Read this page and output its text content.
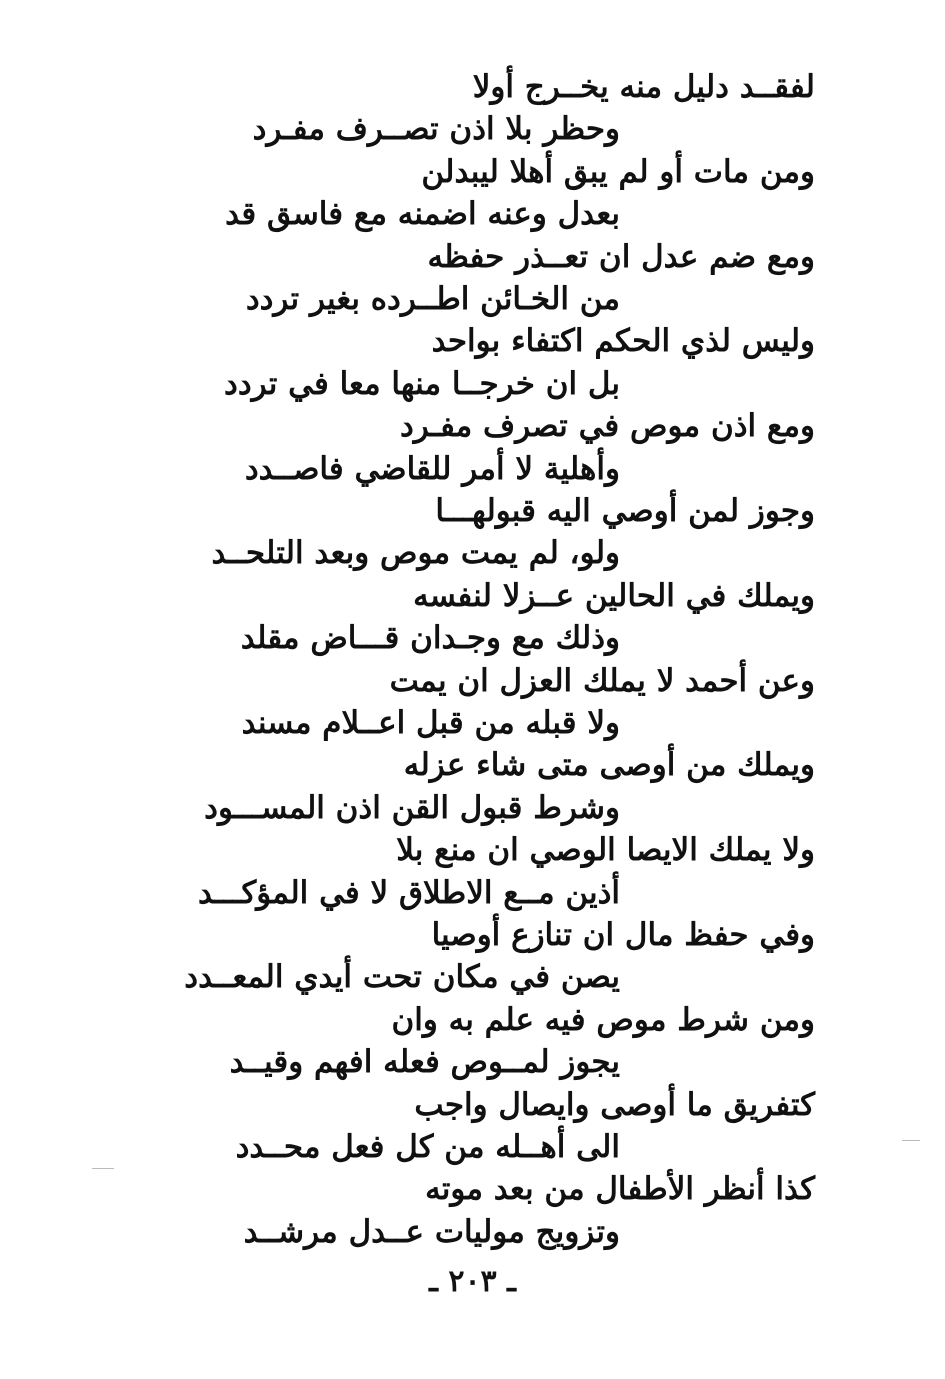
لفقــد دليل منه يخــرج أولا
وحظر بلا اذن تصــرف مفـرد
ومن مات أو لم يبق أهلا ليبدلن
بعدل وعنه اضمنه مع فاسق قد
ومع ضم عدل ان تعــذر حفظه
من الخـائن اطــرده بغير تردد
وليس لذي الحكم اكتفاء بواحد
بل ان خرجــا منها معا في تردد
ومع اذن موص في تصرف مفـرد
وأهلية لا أمر للقاضي فاصــدد
وجوز لمن أوصي اليه قبولهـــا
ولو، لم يمت موص وبعد التلحــد
ويملك في الحالين عــزلا لنفسه
وذلك مع وجـدان قـــاض مقلد
وعن أحمد لا يملك العزل ان يمت
ولا قبله من قبل اعــلام مسند
ويملك من أوصى متى شاء عزله
وشرط قبول القن اذن المســـود
ولا يملك الايصا الوصي ان منع بلا
أذين مــع الاطلاق لا في المؤكـــد
وفي حفظ مال ان تنازع أوصيا
يصن في مكان تحت أيدي المعــدد
ومن شرط موص فيه علم به وان
يجوز لمــوص فعله افهم وقيــد
كتفريق ما أوصى وايصال واجب
الى أهــله من كل فعل محــدد
كذا أنظر الأطفال من بعد موته
وتزويج موليات عــدل مرشــد
ـ ٢٠٣ ـ
